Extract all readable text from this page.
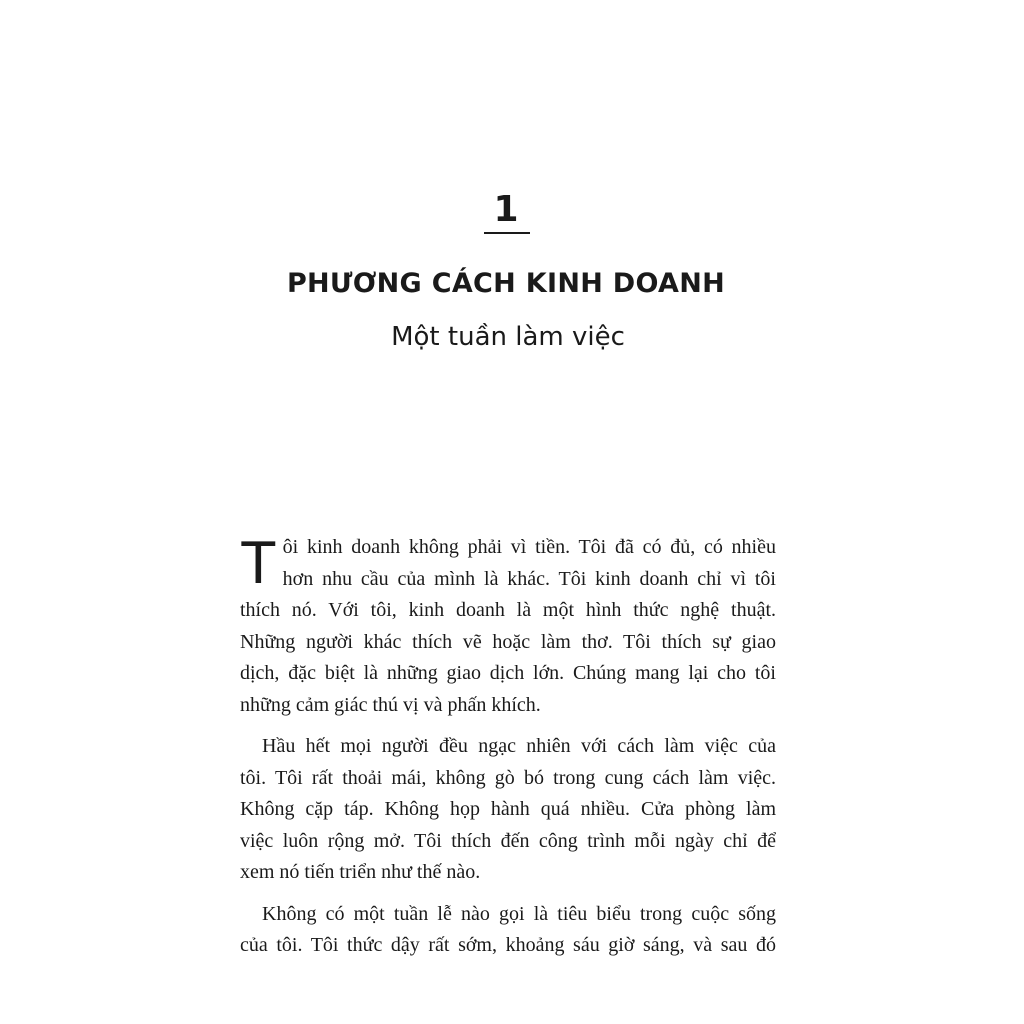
1
PHƯƠNG CÁCH KINH DOANH
Một tuần làm việc
T ôi kinh doanh không phải vì tiền. Tôi đã có đủ, có nhiều
hơn nhu cầu của mình là khác. Tôi kinh doanh chỉ vì tôi
thích nó. Với tôi, kinh doanh là một hình thức nghệ thuật.
Những người khác thích vẽ hoặc làm thơ. Tôi thích sự giao
dịch, đặc biệt là những giao dịch lớn. Chúng mang lại cho tôi
những cảm giác thú vị và phấn khích.
Hầu hết mọi người đều ngạc nhiên với cách làm việc của
tôi. Tôi rất thoải mái, không gò bó trong cung cách làm việc.
Không cặp táp. Không họp hành quá nhiều. Cửa phòng làm
việc luôn rộng mở. Tôi thích đến công trình mỗi ngày chỉ để
xem nó tiến triển như thế nào.
Không có một tuần lễ nào gọi là tiêu biểu trong cuộc sống
của tôi. Tôi thức dậy rất sớm, khoảng sáu giờ sáng, và sau đó
